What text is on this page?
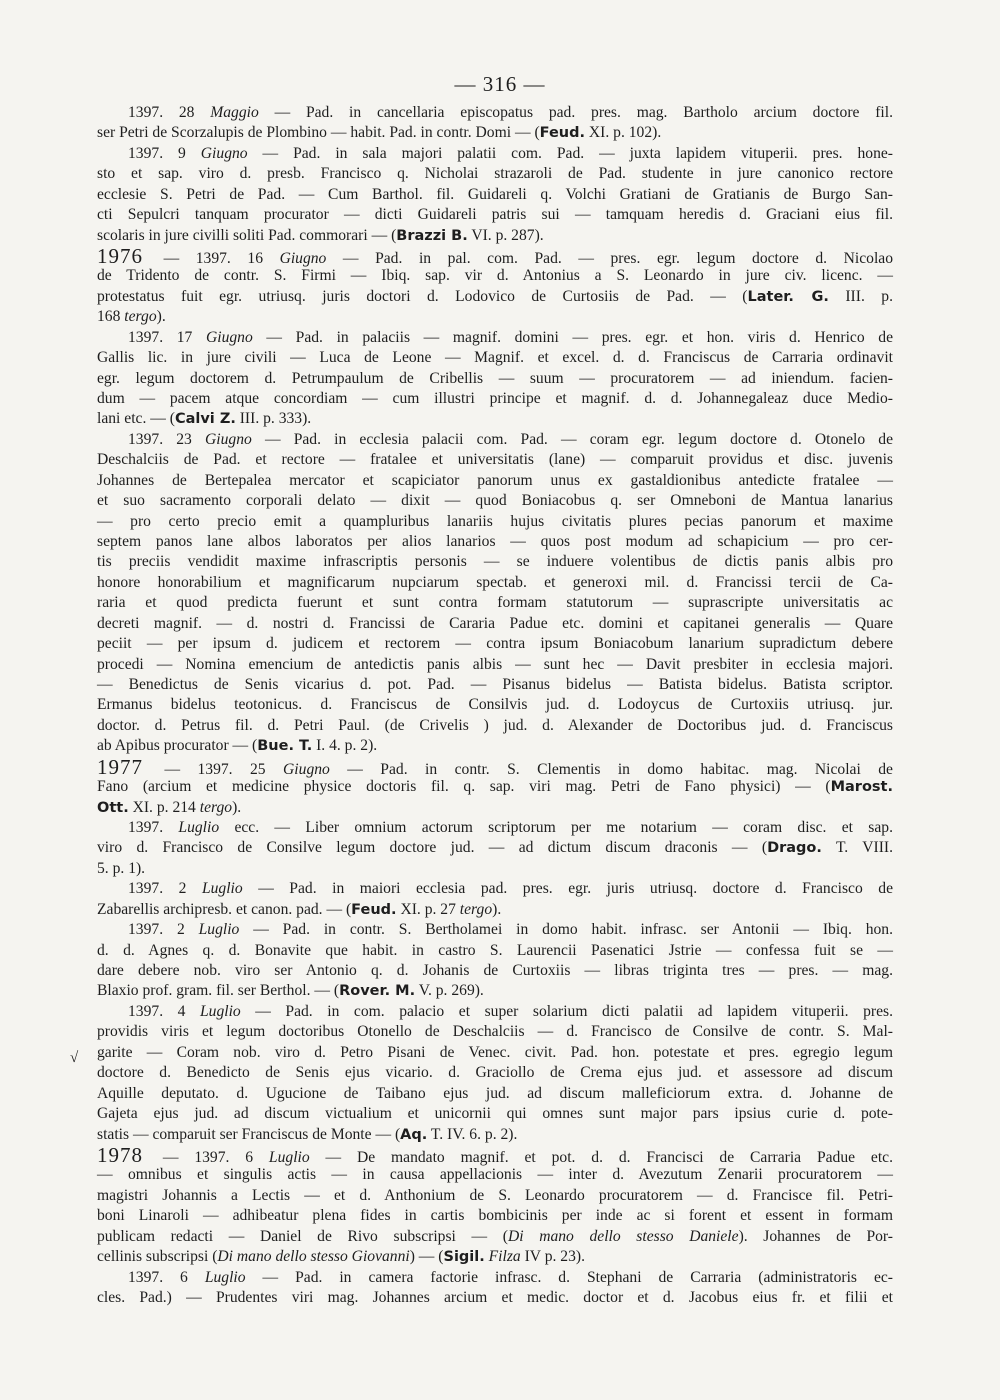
— 316 —
√
1397. 28 Maggio — Pad. in cancellaria episcopatus pad. pres. mag. Bartholo arcium doctore fil.
ser Petri de Scorzalupis de Plombino — habit. Pad. in contr. Domi — (Feud. XI. p. 102).
1397. 9 Giugno — Pad. in sala majori palatii com. Pad. — juxta lapidem vituperii. pres. hone-
sto et sap. viro d. presb. Francisco q. Nicholai strazaroli de Pad. studente in jure canonico rectore
ecclesie S. Petri de Pad. — Cum Barthol. fil. Guidareli q. Volchi Gratiani de Gratianis de Burgo San-
cti Sepulcri tanquam procurator — dicti Guidareli patris sui — tamquam heredis d. Graciani eius fil.
scolaris in jure civilli soliti Pad. commorari — (Brazzi B. VI. p. 287).
1976 — 1397. 16 Giugno — Pad. in pal. com. Pad. — pres. egr. legum doctore d. Nicolao
de Tridento de contr. S. Firmi — Ibiq. sap. vir d. Antonius a S. Leonardo in jure civ. licenc. —
protestatus fuit egr. utriusq. juris doctori d. Lodovico de Curtosiis de Pad. — (Later. G. III. p.
168 tergo).
1397. 17 Giugno — Pad. in palaciis — magnif. domini — pres. egr. et hon. viris d. Henrico de
Gallis lic. in jure civili — Luca de Leone — Magnif. et excel. d. d. Franciscus de Carraria ordinavit
egr. legum doctorem d. Petrumpaulum de Cribellis — suum — procuratorem — ad iniendum. facien-
dum — pacem atque concordiam — cum illustri principe et magnif. d. d. Johannegaleaz duce Medio-
lani etc. — (Calvi Z. III. p. 333).
1397. 23 Giugno — Pad. in ecclesia palacii com. Pad. — coram egr. legum doctore d. Otonelo de
Deschalciis de Pad. et rectore — fratalee et universitatis (lane) — comparuit providus et disc. juvenis
Johannes de Bertepalea mercator et scapiciator panorum unus ex gastaldionibus antedicte fratalee —
et suo sacramento corporali delato — dixit — quod Boniacobus q. ser Omneboni de Mantua lanarius
— pro certo precio emit a quampluribus lanariis hujus civitatis plures pecias panorum et maxime
septem panos lane albos laboratos per alios lanarios — quos post modum ad schapicium — pro cer-
tis preciis vendidit maxime infrascriptis personis — se induere volentibus de dictis panis albis pro
honore honorabilium et magnificarum nupciarum spectab. et generoxi mil. d. Francissi tercii de Ca-
raria et quod predicta fuerunt et sunt contra formam statutorum — suprascripte universitatis ac
decreti magnif. — d. nostri d. Francissi de Cararia Padue etc. domini et capitanei generalis — Quare
peciit — per ipsum d. judicem et rectorem — contra ipsum Boniacobum lanarium supradictum debere
procedi — Nomina emencium de antedictis panis albis — sunt hec — Davit presbiter in ecclesia majori.
— Benedictus de Senis vicarius d. pot. Pad. — Pisanus bidelus — Batista bidelus. Batista scriptor.
Ermanus bidelus teotonicus. d. Franciscus de Consilvis jud. d. Lodoycus de Curtoxiis utriusq. jur.
doctor. d. Petrus fil. d. Petri Paul. (de Crivelis ) jud. d. Alexander de Doctoribus jud. d. Franciscus
ab Apibus procurator — (Bue. T. I. 4. p. 2).
1977 — 1397. 25 Giugno — Pad. in contr. S. Clementis in domo habitac. mag. Nicolai de
Fano (arcium et medicine physice doctoris fil. q. sap. viri mag. Petri de Fano physici) — (Marost.
Ott. XI. p. 214 tergo).
1397. Luglio ecc. — Liber omnium actorum scriptorum per me notarium — coram disc. et sap.
viro d. Francisco de Consilve legum doctore jud. — ad dictum discum draconis — (Drago. T. VIII.
5. p. 1).
1397. 2 Luglio — Pad. in maiori ecclesia pad. pres. egr. juris utriusq. doctore d. Francisco de
Zabarellis archipresb. et canon. pad. — (Feud. XI. p. 27 tergo).
1397. 2 Luglio — Pad. in contr. S. Bertholamei in domo habit. infrasc. ser Antonii — Ibiq. hon.
d. d. Agnes q. d. Bonavite que habit. in castro S. Laurencii Pasenatici Jstrie — confessa fuit se —
dare debere nob. viro ser Antonio q. d. Johanis de Curtoxiis — libras triginta tres — pres. — mag.
Blaxio prof. gram. fil. ser Berthol. — (Rover. M. V. p. 269).
1397. 4 Luglio — Pad. in com. palacio et super solarium dicti palatii ad lapidem vituperii. pres.
providis viris et legum doctoribus Otonello de Deschalciis — d. Francisco de Consilve de contr. S. Mal-
garite — Coram nob. viro d. Petro Pisani de Venec. civit. Pad. hon. potestate et pres. egregio legum
doctore d. Benedicto de Senis ejus vicario. d. Graciollo de Crema ejus jud. et assessore ad discum
Aquille deputato. d. Ugucione de Taibano ejus jud. ad discum malleficiorum extra. d. Johanne de
Gajeta ejus jud. ad discum victualium et unicornii qui omnes sunt major pars ipsius curie d. pote-
statis — comparuit ser Franciscus de Monte — (Aq. T. IV. 6. p. 2).
1978 — 1397. 6 Luglio — De mandato magnif. et pot. d. d. Francisci de Carraria Padue etc.
— omnibus et singulis actis — in causa appellacionis — inter d. Avezutum Zenarii procuratorem —
magistri Johannis a Lectis — et d. Anthonium de S. Leonardo procuratorem — d. Francisce fil. Petri-
boni Linaroli — adhibeatur plena fides in cartis bombicinis per inde ac si forent et essent in formam
publicam redacti — Daniel de Rivo subscripsi — (Di mano dello stesso Daniele). Johannes de Por-
cellinis subscripsi (Di mano dello stesso Giovanni) — (Sigil. Filza IV p. 23).
1397. 6 Luglio — Pad. in camera factorie infrasc. d. Stephani de Carraria (administratoris ec-
cles. Pad.) — Prudentes viri mag. Johannes arcium et medic. doctor et d. Jacobus eius fr. et filii et
